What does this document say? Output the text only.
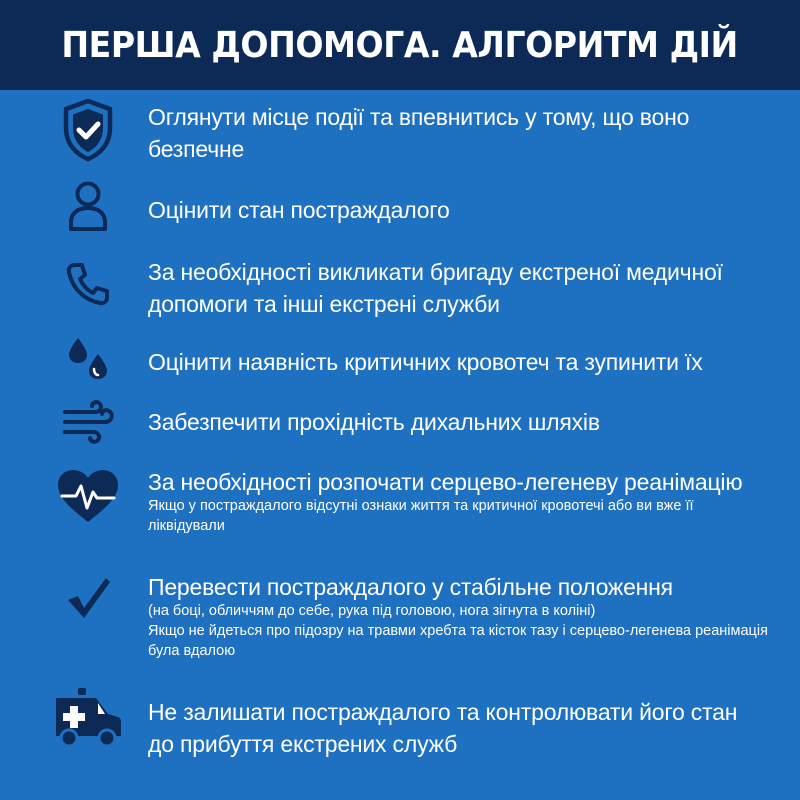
ПЕРША ДОПОМОГА. АЛГОРИТМ ДІЙ
Оглянути місце події та впевнитись у тому, що воно безпечне
Оцінити стан постраждалого
За необхідності викликати бригаду екстреної медичної допомоги та інші екстрені служби
Оцінити наявність критичних кровотеч та зупинити їх
Забезпечити прохідність дихальних шляхів
За необхідності розпочати серцево-легеневу реанімацію
Якщо у постраждалого відсутні ознаки життя та критичної кровотечі або ви вже її ліквідували
Перевести постраждалого у стабільне положення
(на боці, обличчям до себе, рука під головою, нога зігнута в коліні)
Якщо не йдеться про підозру на травми хребта та кісток тазу і серцево-легенева реанімація була вдалою
Не залишати постраждалого та контролювати його стан до прибуття екстрених служб
